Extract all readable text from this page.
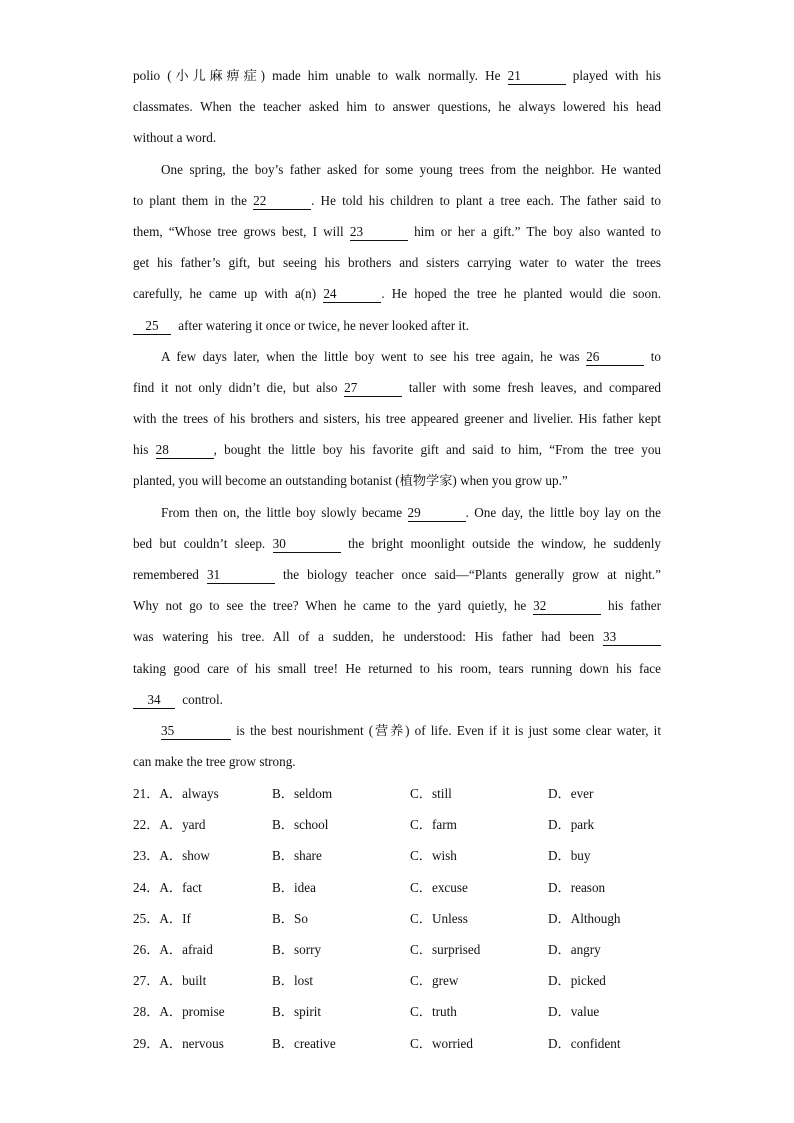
polio (小儿麻痹症) made him unable to walk normally. He 21	played with his
classmates. When the teacher asked him to answer questions, he always lowered his head
without a word.
One spring, the boy’s father asked for some young trees from the neighbor. He wanted
to plant them in the 22	. He told his children to plant a tree each. The father said to
them, “Whose tree grows best, I will 23	him or her a gift.” The boy also wanted to
get his father’s gift, but seeing his brothers and sisters carrying water to water the trees
carefully, he came up with a(n) 24	. He hoped the tree he planted would die soon.
25 after watering it once or twice, he never looked after it.
A few days later, when the little boy went to see his tree again, he was 26	to
find it not only didn’t die, but also 27	taller with some fresh leaves, and compared
with the trees of his brothers and sisters, his tree appeared greener and livelier. His father kept
his 28	, bought the little boy his favorite gift and said to him, “From the tree you
planted, you will become an outstanding botanist (植物学家) when you grow up.”
From then on, the little boy slowly became 29	. One day, the little boy lay on the
bed but couldn’t sleep. 30	the bright moonlight outside the window, he suddenly
remembered 31	the biology teacher once said—“Plants generally grow at night.”
Why not go to see the tree? When he came to the yard quietly, he 32	his father
was watering his tree. All of a sudden, he understood: His father had been 33
taking good care of his small tree! He returned to his room, tears running down his face
34 control.
35	is the best nourishment (营养) of life. Even if it is just some clear water, it
can make the tree grow strong.
21．A．always	B．seldom	C．still	D．ever
22．A．yard	B．school	C．farm	D．park
23．A．show	B．share	C．wish	D．buy
24．A．fact	B．idea	C．excuse	D．reason
25．A．If	B．So	C．Unless	D．Although
26．A．afraid	B．sorry	C．surprised	D．angry
27．A．built	B．lost	C．grew	D．picked
28．A．promise	B．spirit	C．truth	D．value
29．A．nervous	B．creative	C．worried	D．confident
